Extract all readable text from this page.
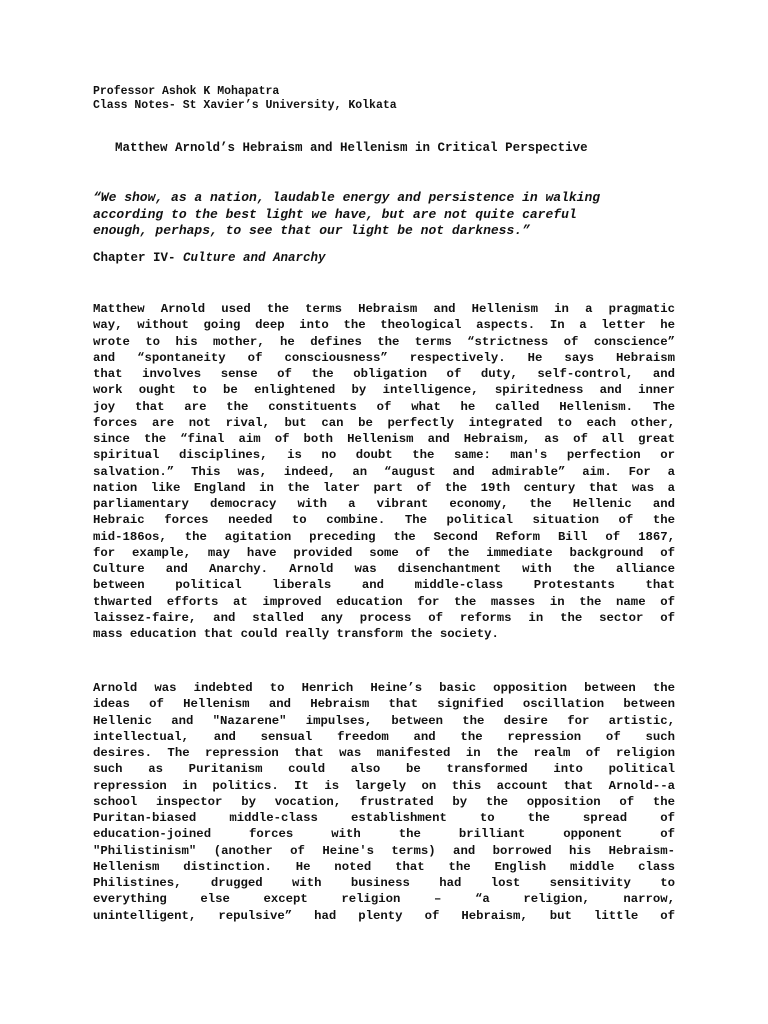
Professor Ashok K Mohapatra
Class Notes- St Xavier’s University, Kolkata
Matthew Arnold’s Hebraism and Hellenism in Critical Perspective
“We show, as a nation, laudable energy and persistence in walking
according to the best light we have, but are not quite careful
enough, perhaps, to see that our light be not darkness.”
Chapter IV- Culture and Anarchy
Matthew Arnold used the terms Hebraism and Hellenism in a pragmatic
way, without going deep into the theological aspects. In a letter he
wrote to his mother, he defines the terms “strictness of conscience”
and “spontaneity of consciousness” respectively. He says Hebraism
that involves sense of the obligation of duty, self-control, and
work ought to be enlightened by intelligence, spiritedness and inner
joy that are the constituents of what he called Hellenism. The
forces are not rival, but can be perfectly integrated to each other,
since the “final aim of both Hellenism and Hebraism, as of all great
spiritual disciplines, is no doubt the same: man's perfection or
salvation.” This was, indeed, an “august and admirable” aim. For a
nation like England in the later part of the 19th century that was a
parliamentary democracy with a vibrant economy, the Hellenic and
Hebraic forces needed to combine. The political situation of the
mid-186os, the agitation preceding the Second Reform Bill of 1867,
for example, may have provided some of the immediate background of
Culture and Anarchy. Arnold was disenchantment with the alliance
between political liberals and middle-class Protestants that
thwarted efforts at improved education for the masses in the name of
laissez-faire, and stalled any process of reforms in the sector of
mass education that could really transform the society.
Arnold was indebted to Henrich Heine’s basic opposition between the
ideas of Hellenism and Hebraism that signified oscillation between
Hellenic and "Nazarene" impulses, between the desire for artistic,
intellectual, and sensual freedom and the repression of such
desires. The repression that was manifested in the realm of religion
such as Puritanism could also be transformed into political
repression in politics. It is largely on this account that Arnold--a
school inspector by vocation, frustrated by the opposition of the
Puritan-biased middle-class establishment to the spread of
education-joined forces with the brilliant opponent of
"Philistinism" (another of Heine's terms) and borrowed his Hebraism-
Hellenism distinction. He noted that the English middle class
Philistines, drugged with business had lost sensitivity to
everything else except religion – “a religion, narrow,
unintelligent, repulsive” had plenty of Hebraism, but little of
